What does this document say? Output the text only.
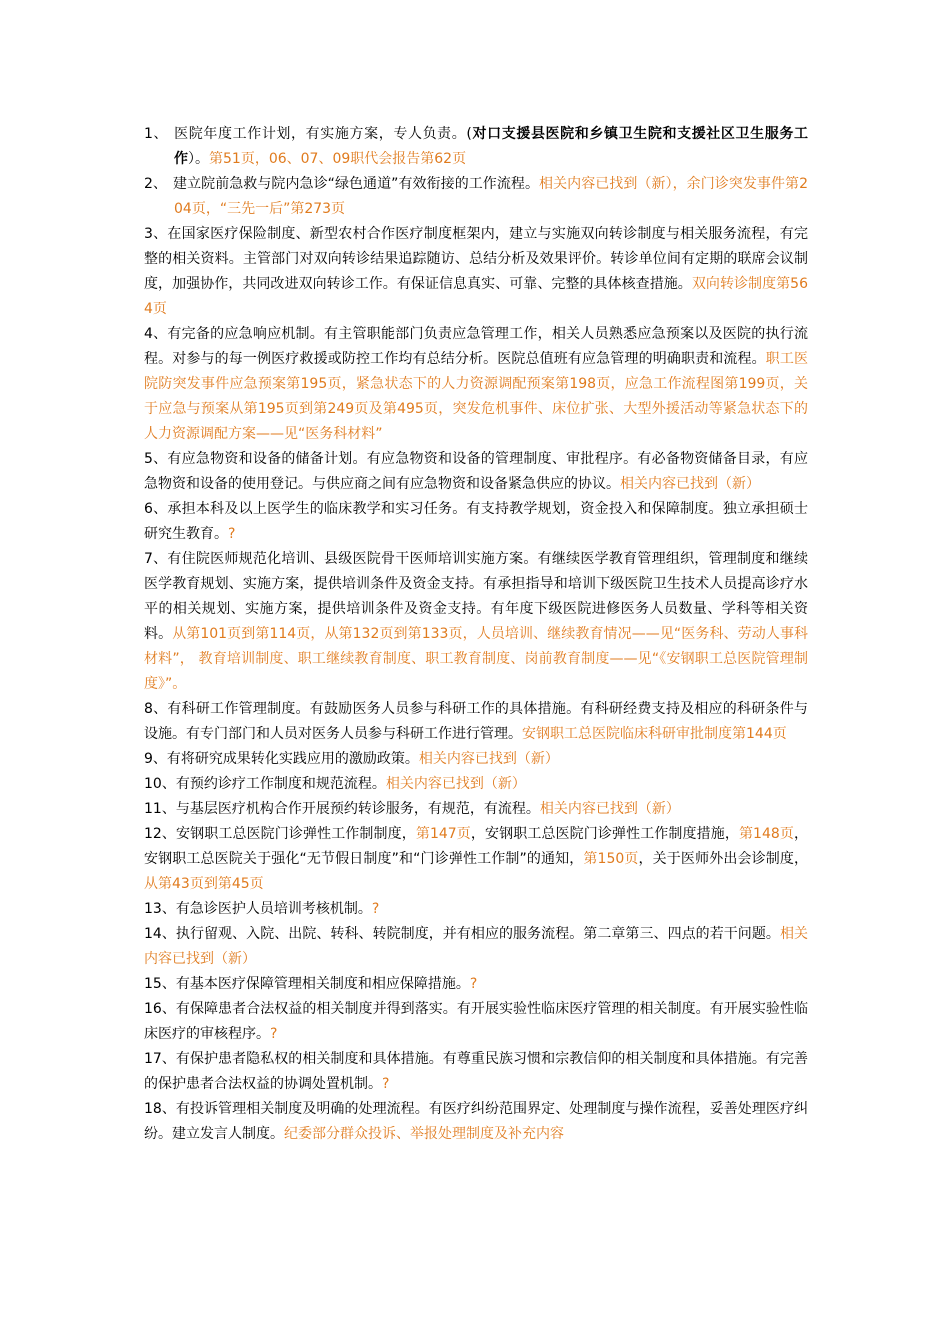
1、 医院年度工作计划，有实施方案，专人负责。(对口支援县医院和乡镇卫生院和支援社区卫生服务工作）。第51页，06、07、09职代会报告第62页

2、 建立院前急救与院内急诊“绿色通道”有效衔接的工作流程。相关内容已找到（新），余门诊突发事件第204页，“三先一后”第273页

3、在国家医疗保险制度、新型农村合作医疗制度框架内，建立与实施双向转诊制度与相关服务流程，有完整的相关资料。主管部门对双向转诊结果追踪随访、总结分析及效果评价。转诊单位间有定期的联席会议制度，加强协作，共同改进双向转诊工作。有保证信息真实、可靠、完整的具体核查措施。双向转诊制度第564页

4、有完备的应急响应机制。有主管职能部门负责应急管理工作，相关人员熟悉应急预案以及医院的执行流程。对参与的每一例医疗救援或防控工作均有总结分析。医院总值班有应急管理的明确职责和流程。职工医院防突发事件应急预案第195页，紧急状态下的人力资源调配预案第198页，应急工作流程图第199页，关于应急与预案从第195页到第249页及第495页，突发危机事件、床位扩张、大型外援活动等紧急状态下的人力资源调配方案——见“医务科材料”

5、有应急物资和设备的储备计划。有应急物资和设备的管理制度、审批程序。有必备物资储备目录，有应急物资和设备的使用登记。与供应商之间有应急物资和设备紧急供应的协议。相关内容已找到（新）

6、承担本科及以上医学生的临床教学和实习任务。有支持教学规划，资金投入和保障制度。独立承担硕士研究生教育。?

7、有住院医师规范化培训、县级医院骨干医师培训实施方案。有继续医学教育管理组织，管理制度和继续医学教育规划、实施方案，提供培训条件及资金支持。有承担指导和培训下级医院卫生技术人员提高诊疗水平的相关规划、实施方案，提供培训条件及资金支持。有年度下级医院进修医务人员数量、学科等相关资料。从第101页到第114页，从第132页到第133页，人员培训、继续教育情况——见“医务科、劳动人事科材料”， 教育培训制度、职工继续教育制度、职工教育制度、岗前教育制度——见“《安钢职工总医院管理制度》”。

8、有科研工作管理制度。有鼓励医务人员参与科研工作的具体措施。有科研经费支持及相应的科研条件与设施。有专门部门和人员对医务人员参与科研工作进行管理。安钢职工总医院临床科研审批制度第144页

9、有将研究成果转化实践应用的激励政策。相关内容已找到（新）

10、有预约诊疗工作制度和规范流程。相关内容已找到（新）

11、与基层医疗机构合作开展预约转诊服务，有规范，有流程。相关内容已找到（新）

12、安钢职工总医院门诊弹性工作制制度，第147页，安钢职工总医院门诊弹性工作制度措施，第148页，安钢职工总医院关于强化“无节假日制度”和“门诊弹性工作制”的通知，第150页，关于医师外出会诊制度，从第43页到第45页

13、有急诊医护人员培训考核机制。?

14、执行留观、入院、出院、转科、转院制度，并有相应的服务流程。第二章第三、四点的若干问题。相关内容已找到（新）

15、有基本医疗保障管理相关制度和相应保障措施。?

16、有保障患者合法权益的相关制度并得到落实。有开展实验性临床医疗管理的相关制度。有开展实验性临床医疗的审核程序。?

17、有保护患者隐私权的相关制度和具体措施。有尊重民族习惯和宗教信仰的相关制度和具体措施。有完善的保护患者合法权益的协调处置机制。?

18、有投诉管理相关制度及明确的处理流程。有医疗纠纷范围界定、处理制度与操作流程，妥善处理医疗纠纷。建立发言人制度。纪委部分群众投诉、举报处理制度及补充内容
